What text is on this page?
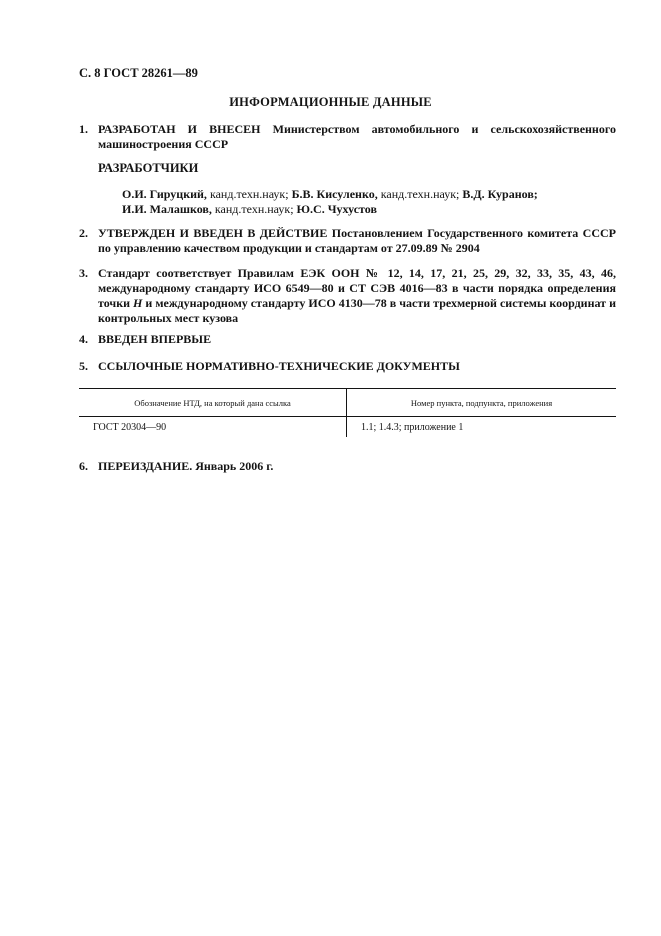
С. 8 ГОСТ 28261—89
ИНФОРМАЦИОННЫЕ ДАННЫЕ
1. РАЗРАБОТАН И ВНЕСЕН Министерством автомобильного и сельскохозяйственного машиностроения СССР
РАЗРАБОТЧИКИ
О.И. Гируцкий, канд.техн.наук; Б.В. Кисуленко, канд.техн.наук; В.Д. Куранов;
И.И. Малашков, канд.техн.наук; Ю.С. Чухустов
2. УТВЕРЖДЕН И ВВЕДЕН В ДЕЙСТВИЕ Постановлением Государственного комитета СССР по управлению качеством продукции и стандартам от 27.09.89 № 2904
3. Стандарт соответствует Правилам ЕЭК ООН № 12, 14, 17, 21, 25, 29, 32, 33, 35, 43, 46, международному стандарту ИСО 6549—80 и СТ СЭВ 4016—83 в части порядка определения точки H и международному стандарту ИСО 4130—78 в части трехмерной системы координат и контрольных мест кузова
4. ВВЕДЕН ВПЕРВЫЕ
5. ССЫЛОЧНЫЕ НОРМАТИВНО-ТЕХНИЧЕСКИЕ ДОКУМЕНТЫ
Обозначение НТД, на который дана ссылка	Номер пункта, подпункта, приложения
ГОСТ 20304—90	1.1; 1.4.3; приложение 1
6. ПЕРЕИЗДАНИЕ. Январь 2006 г.
